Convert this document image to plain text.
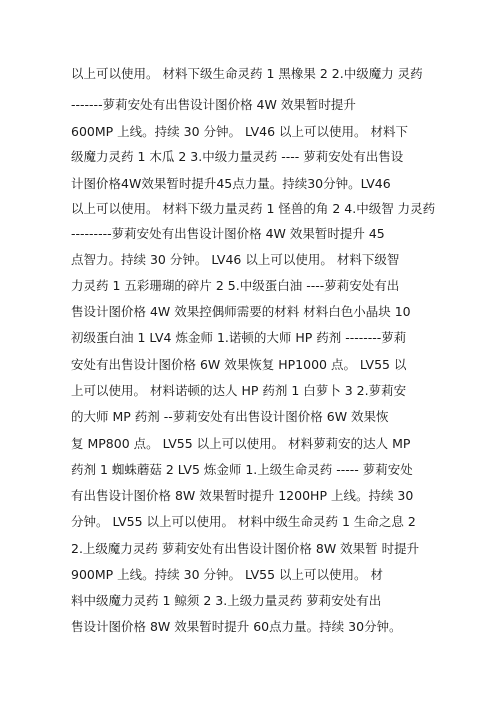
以上可以使用。 材料下级生命灵药 1 黑橡果 2 2.中级魔力 灵药
-------萝莉安处有出售设计图价格 4W 效果暂时提升
600MP 上线。持续 30 分钟。 LV46 以上可以使用。 材料下
级魔力灵药 1 木瓜 2 3.中级力量灵药 ---- 萝莉安处有出售设
计图价格4W效果暂时提升45点力量。持续30分钟。LV46
以上可以使用。 材料下级力量灵药 1 怪兽的角 2 4.中级智 力灵药
---------萝莉安处有出售设计图价格 4W 效果暂时提升 45
点智力。持续 30 分钟。 LV46 以上可以使用。 材料下级智
力灵药 1 五彩珊瑚的碎片 2 5.中级蛋白油 ----萝莉安处有出
售设计图价格 4W 效果控偶师需要的材料 材料白色小晶块 10
初级蛋白油 1 LV4 炼金师 1.诺顿的大师 HP 药剂 --------萝莉
安处有出售设计图价格 6W 效果恢复 HP1000 点。 LV55 以
上可以使用。 材料诺顿的达人 HP 药剂 1 白萝卜 3 2.萝莉安
的大师 MP 药剂 --萝莉安处有出售设计图价格 6W 效果恢
复 MP800 点。 LV55 以上可以使用。 材料萝莉安的达人 MP
药剂 1 蜘蛛蘑菇 2 LV5 炼金师 1.上级生命灵药 ----- 萝莉安处
有出售设计图价格 8W 效果暂时提升 1200HP 上线。持续 30
分钟。 LV55 以上可以使用。 材料中级生命灵药 1 生命之息 2
2.上级魔力灵药 萝莉安处有出售设计图价格 8W 效果暂 时提升
900MP 上线。持续 30 分钟。 LV55 以上可以使用。 材
料中级魔力灵药 1 鲸须 2 3.上级力量灵药 萝莉安处有出
售设计图价格 8W 效果暂时提升 60点力量。持续 30分钟。
